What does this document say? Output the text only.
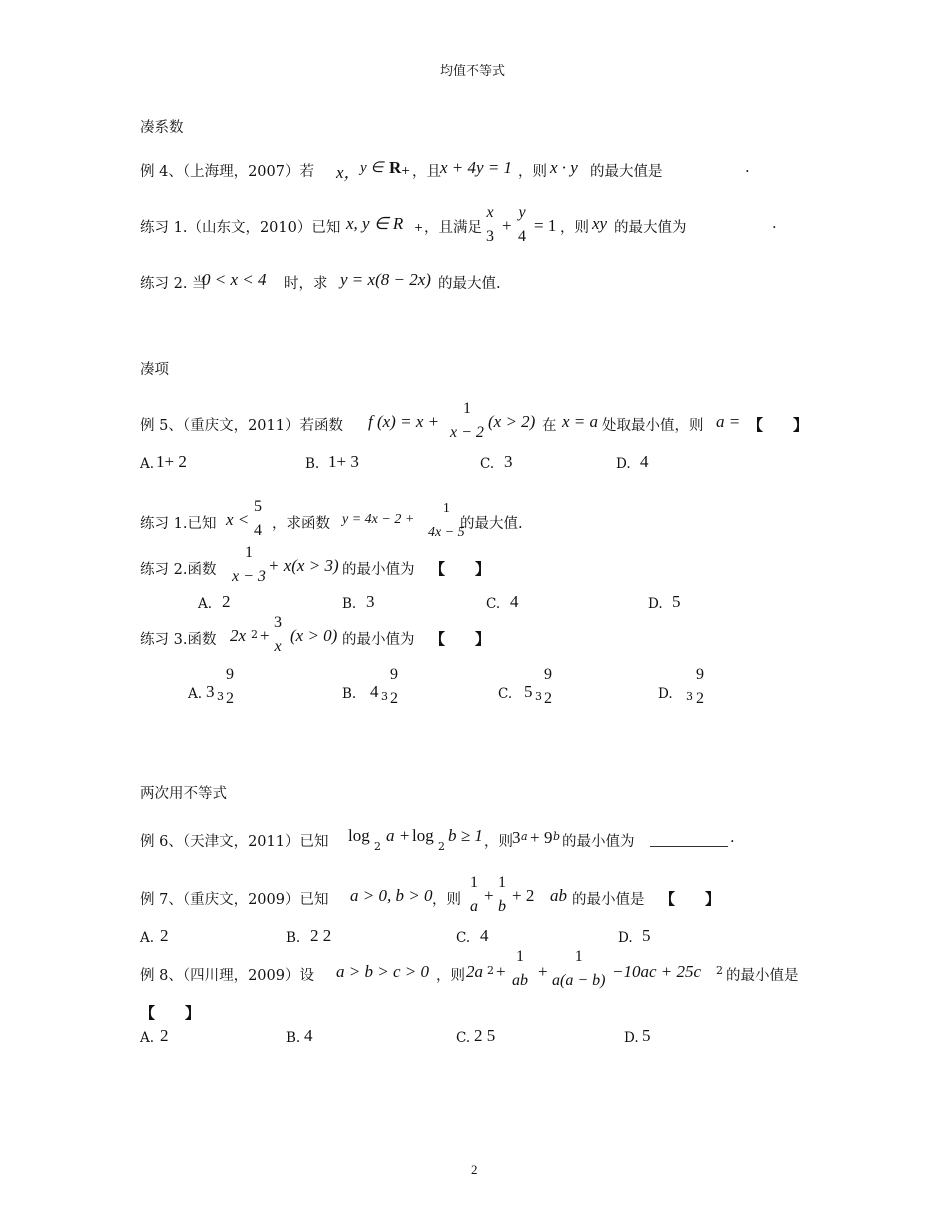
均值不等式
凑系数
例 4、（上海理，2007）若 x， y ∈ R + ，且 x + 4y = 1 ，则 x · y 的最大值是	.
练习 1.（山东文，2010）已知 x, y ∈ R + ，且满足
x
3
+
y
4
= 1 ，则 xy 的最大值为	.
练习 2. 当
0 < x < 4 时，求 y = x(8 − 2x) 的最大值.
凑项
例 5、（重庆文，2011）若函数 f (x) = x +
1
x − 2
(x > 2) 在 x = a 处取最小值，则 a = 【　　】
A. 1+ 2	B. 1+ 3	C. 3	D. 4
练习 1.已知 x <
5
4 ，求函数 y = 4x − 2 +
1
4x − 5
的最大值.
练习 2.函数
1
x − 3
+ x(x > 3) 的最小值为 【　　】
A. 2	B. 3	C. 4	D. 5
练习 3.函数 2x 2 +
3
x
(x > 0) 的最小值为 【　　】
A. 3 3
9
2	B. 4 3
9
2	C. 5 3
9
2	D. 3
9
2
两次用不等式
例 6、（天津文，2011）已知 log
2
a + log
2
b ≥ 1 ，则 3 a + 9 b 的最小值为	.
例 7、（重庆文，2009）已知 a > 0, b > 0 ，则
1
a
+
1
b
+ 2 ab 的最小值是 【　　】
A. 2	B. 2 2	C. 4	D. 5
例 8、（四川理，2009）设 a > b > c > 0 ，则 2a 2 +
1
ab +
1
a(a − b) −10ac + 25c 2 的最小值是
【　　】
A. 2	B. 4	C. 2 5	D. 5
2
